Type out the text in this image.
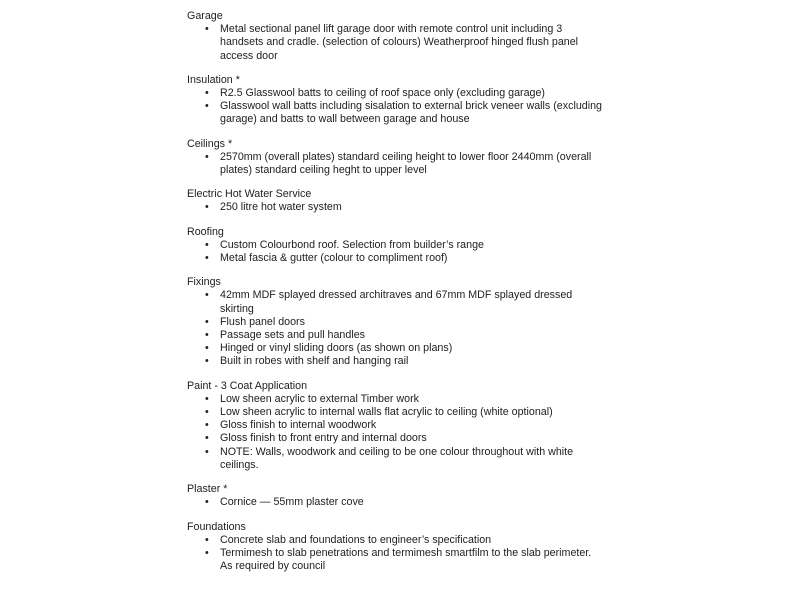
Garage
•	Metal sectional panel lift garage door with remote control unit including 3 handsets and cradle. (selection of colours) Weatherproof hinged flush panel access door
Insulation *
•	R2.5 Glasswool batts to ceiling of roof space only (excluding garage)
•	Glasswool wall batts including sisalation to external brick veneer walls (excluding garage) and batts to wall between garage and house
Ceilings *
•	2570mm (overall plates) standard ceiling height to lower floor 2440mm (overall plates) standard ceiling heght to upper level
Electric Hot Water Service
•	250 litre hot water system
Roofing
•	Custom Colourbond roof. Selection from builder’s range
•	Metal fascia & gutter (colour to compliment roof)
Fixings
•	42mm MDF splayed dressed architraves and 67mm MDF splayed dressed skirting
•	Flush panel doors
•	Passage sets and pull handles
•	Hinged or vinyl sliding doors (as shown on plans)
•	Built in robes with shelf and hanging rail
Paint - 3 Coat Application
•	Low sheen acrylic to external Timber work
•	Low sheen acrylic to internal walls flat acrylic to ceiling (white optional)
•	Gloss finish to internal woodwork
•	Gloss finish to front entry and internal doors
•	NOTE: Walls, woodwork and ceiling to be one colour throughout with white ceilings.
Plaster *
•	Cornice — 55mm plaster cove
Foundations
•	Concrete slab and foundations to engineer’s specification
•	Termimesh to slab penetrations and termimesh smartfilm to the slab perimeter. As required by council
